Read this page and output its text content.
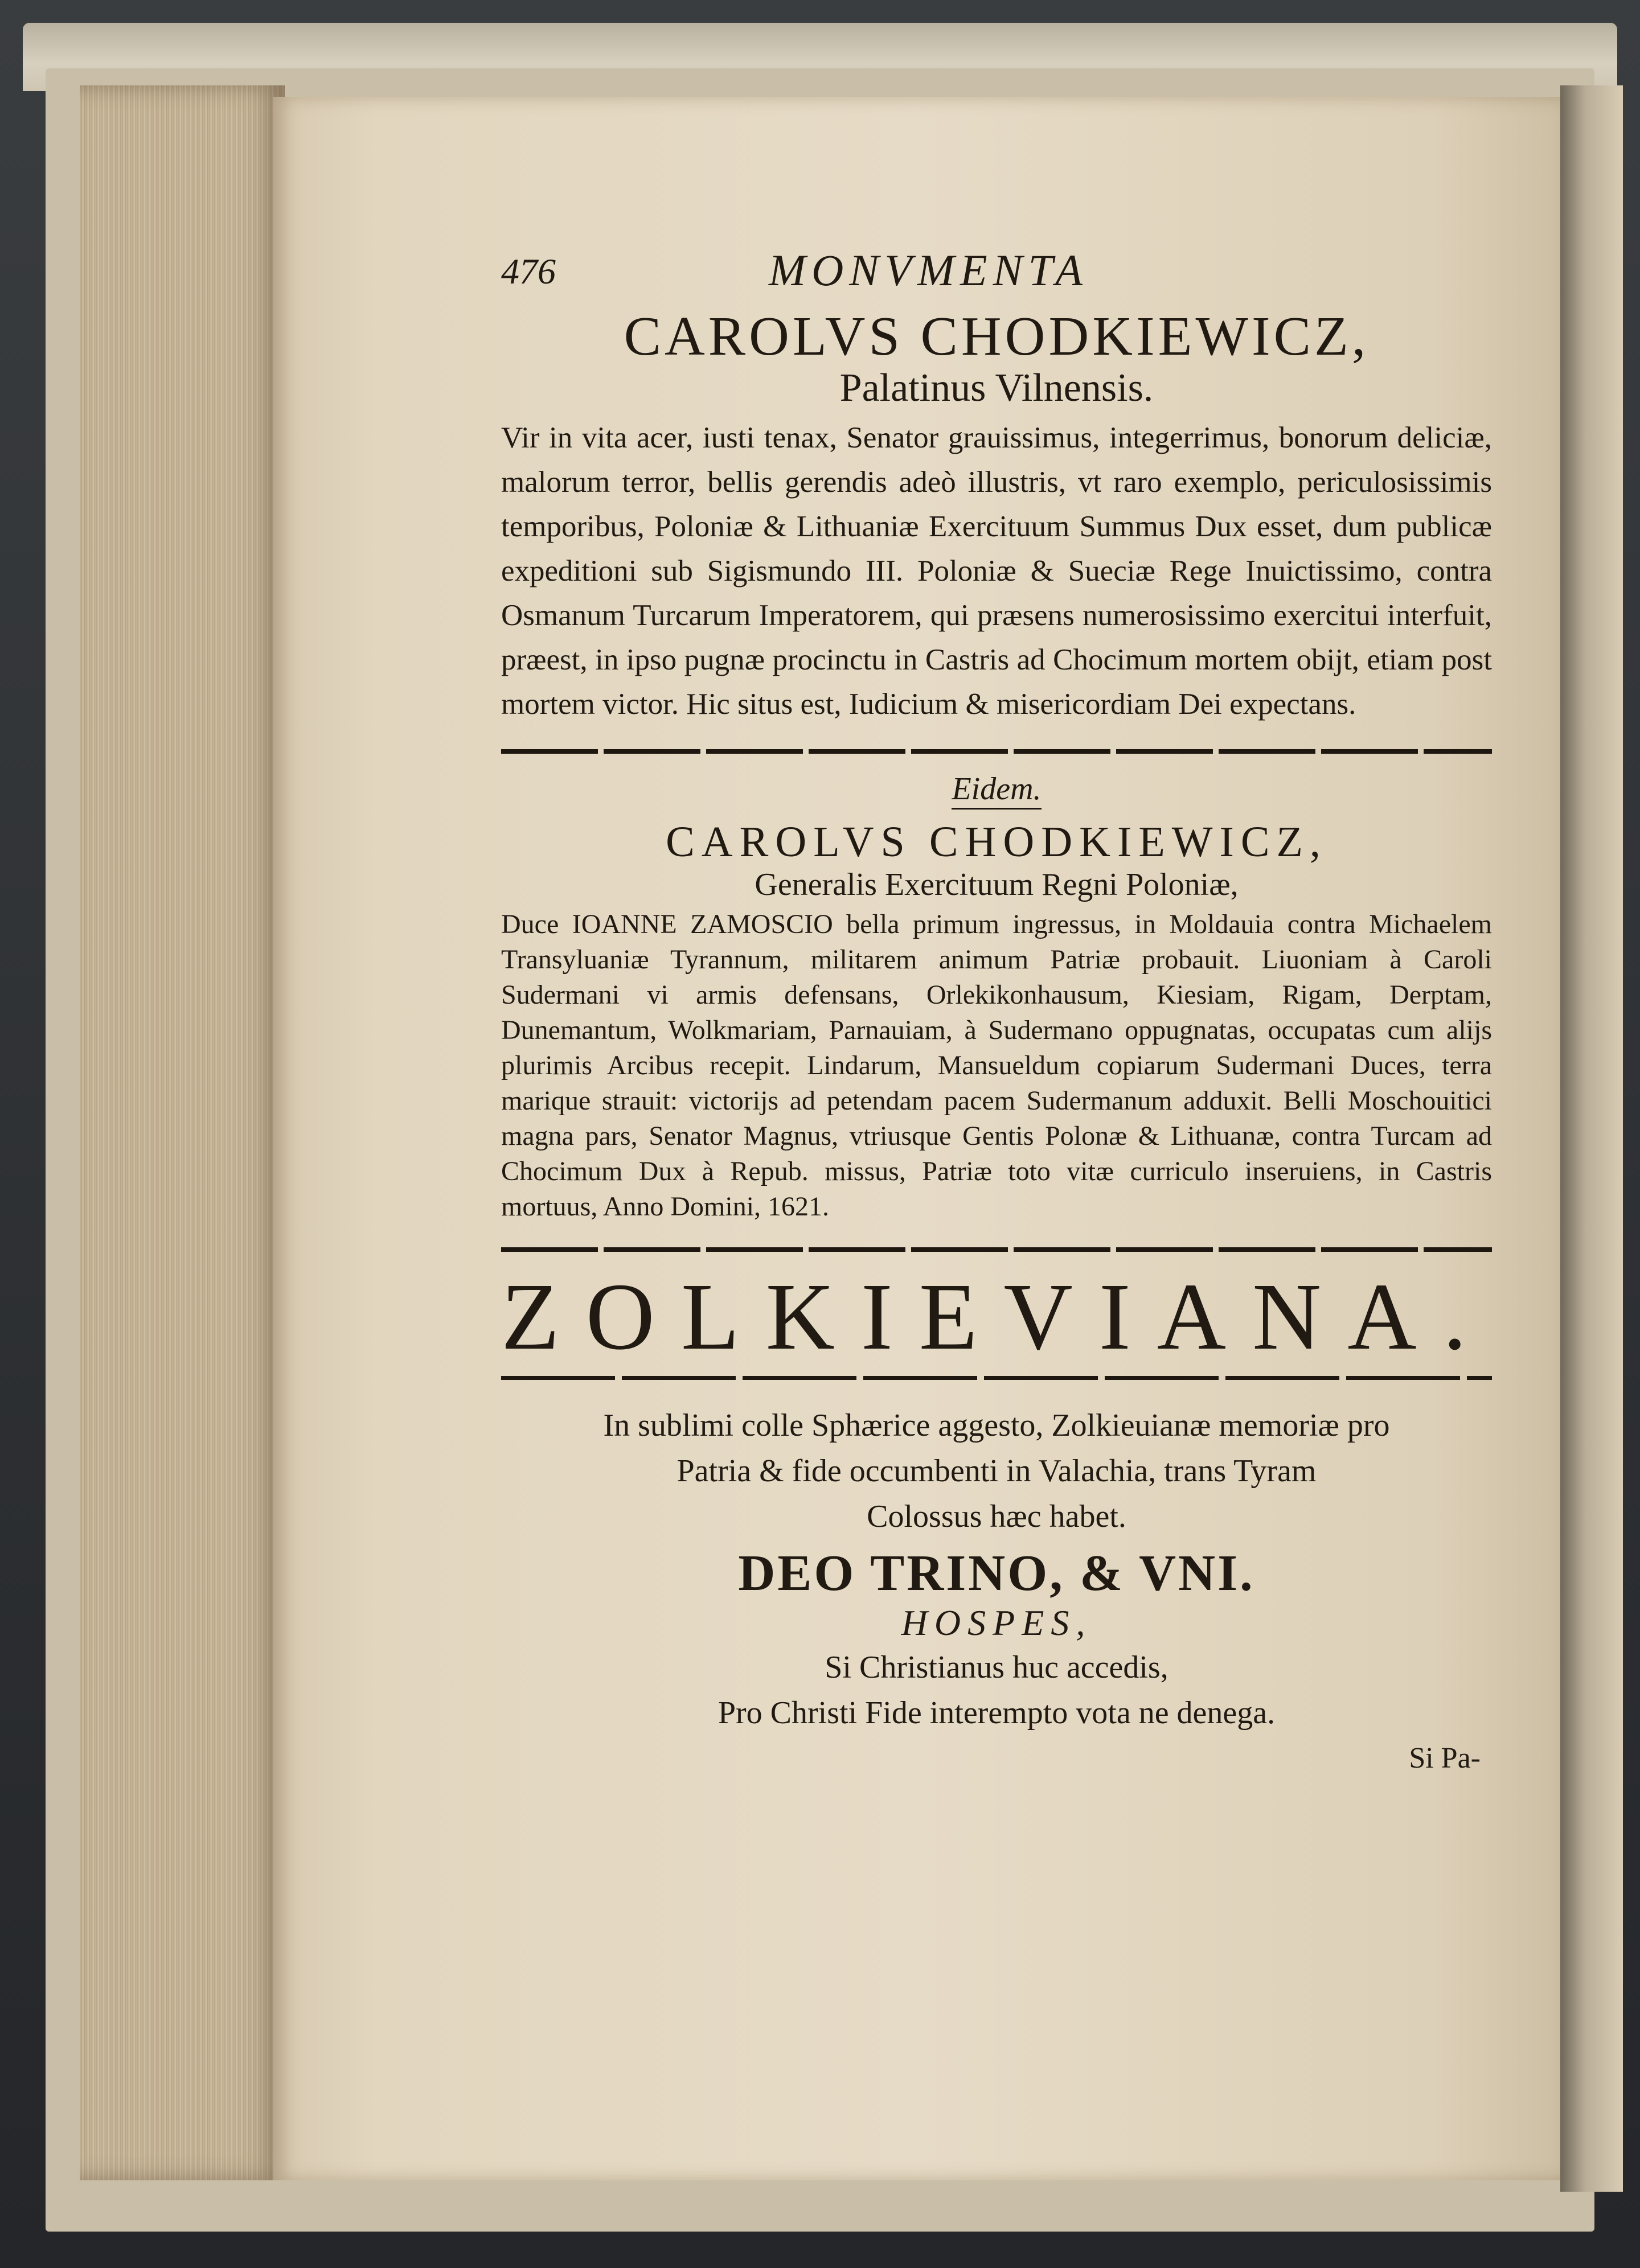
476	MONVMENTA
CAROLVS CHODKIEWICZ,
Palatinus Vilnensis.

Vir in vita acer, iusti tenax, Senator grauissimus, integerrimus, bonorum deliciæ, malorum terror, bellis gerendis adeò illustris, vt raro exemplo, periculosissimis temporibus, Poloniæ & Lithuaniæ Exercituum Summus Dux esset, dum publicæ expeditioni sub Sigismundo III. Poloniæ & Sueciæ Rege Inuictissimo, contra Osmanum Turcarum Imperatorem, qui præsens numerosissimo exercitui interfuit, præest, in ipso pugnæ procinctu in Castris ad Chocimum mortem obijt, etiam post mortem victor. Hic situs est, Iudicium & misericordiam Dei expectans.

Eidem.
CAROLVS CHODKIEWICZ,
Generalis Exercituum Regni Poloniæ,

Duce IOANNE ZAMOSCIO bella primum ingressus, in Moldauia contra Michaelem Transyluaniæ Tyrannum, militarem animum Patriæ probauit. Liuoniam à Caroli Sudermani vi armis defensans, Orlekikonhausum, Kiesiam, Rigam, Derptam, Dunemantum, Wolkmariam, Parnauiam, à Sudermano oppugnatas, occupatas cum alijs plurimis Arcibus recepit. Lindarum, Mansueldum copiarum Sudermani Duces, terra marique strauit: victorijs ad petendam pacem Sudermanum adduxit. Belli Moschouitici magna pars, Senator Magnus, vtriusque Gentis Polonæ & Lithuanæ, contra Turcam ad Chocimum Dux à Repub. missus, Patriæ toto vitæ curriculo inseruiens, in Castris mortuus, Anno Domini, 1621.

ZOLKIEVIANA.
In sublimi colle Sphærice aggesto, Zolkieuianæ memoriæ pro
Patria & fide occumbenti in Valachia, trans Tyram
Colossus hæc habet.
DEO TRINO, & VNI.
HOSPES,
Si Christianus huc accedis,
Pro Christi Fide interempto vota ne denega.
Si Pa-
